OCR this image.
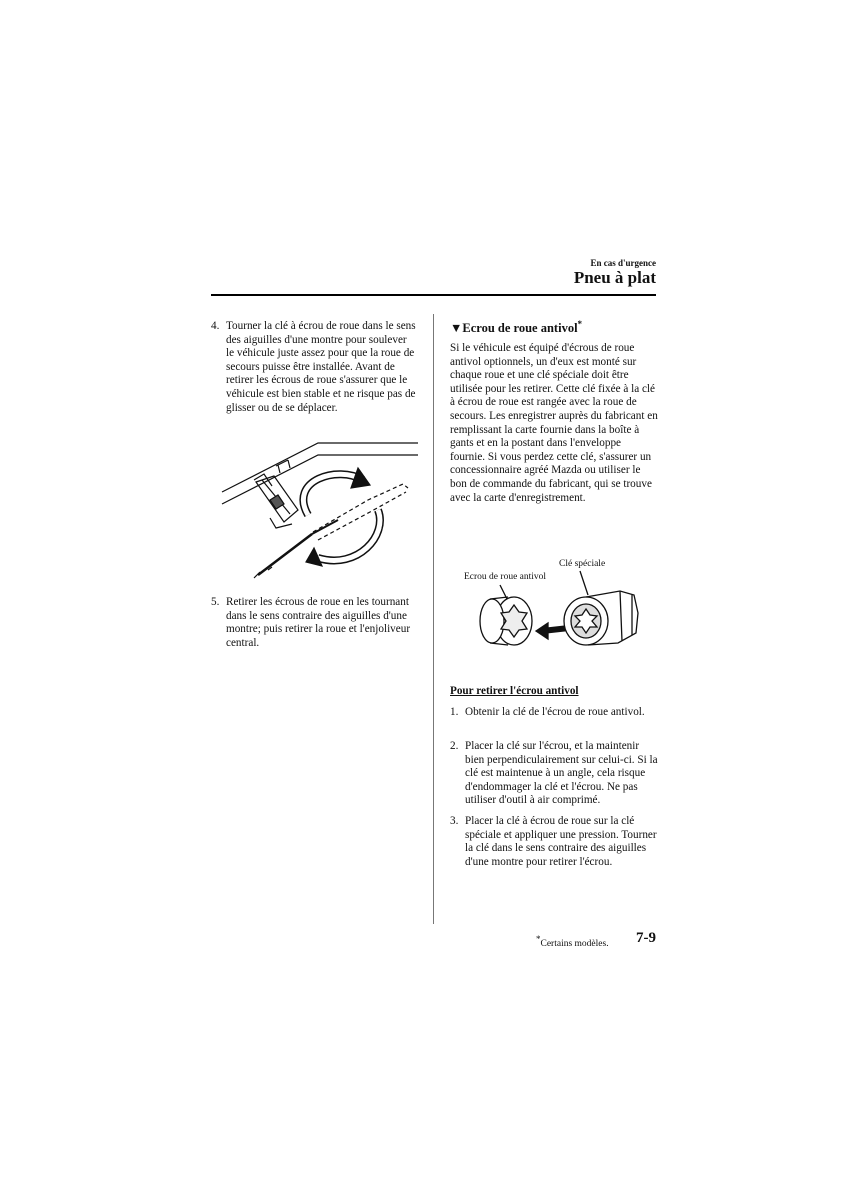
En cas d'urgence
Pneu à plat
4. Tourner la clé à écrou de roue dans le sens des aiguilles d'une montre pour soulever le véhicule juste assez pour que la roue de secours puisse être installée. Avant de retirer les écrous de roue s'assurer que le véhicule est bien stable et ne risque pas de glisser ou de se déplacer.
5. Retirer les écrous de roue en les tournant dans le sens contraire des aiguilles d'une montre; puis retirer la roue et l'enjoliveur central.
▼Ecrou de roue antivol*
Si le véhicule est équipé d'écrous de roue antivol optionnels, un d'eux est monté sur chaque roue et une clé spéciale doit être utilisée pour les retirer. Cette clé fixée à la clé à écrou de roue est rangée avec la roue de secours. Les enregistrer auprès du fabricant en remplissant la carte fournie dans la boîte à gants et en la postant dans l'enveloppe fournie. Si vous perdez cette clé, s'assurer un concessionnaire agréé Mazda ou utiliser le bon de commande du fabricant, qui se trouve avec la carte d'enregistrement.
Clé spéciale
Ecrou de roue antivol
Pour retirer l'écrou antivol
1. Obtenir la clé de l'écrou de roue antivol.
2. Placer la clé sur l'écrou, et la maintenir bien perpendiculairement sur celui-ci. Si la clé est maintenue à un angle, cela risque d'endommager la clé et l'écrou. Ne pas utiliser d'outil à air comprimé.
3. Placer la clé à écrou de roue sur la clé spéciale et appliquer une pression. Tourner la clé dans le sens contraire des aiguilles d'une montre pour retirer l'écrou.
*Certains modèles. 7-9
